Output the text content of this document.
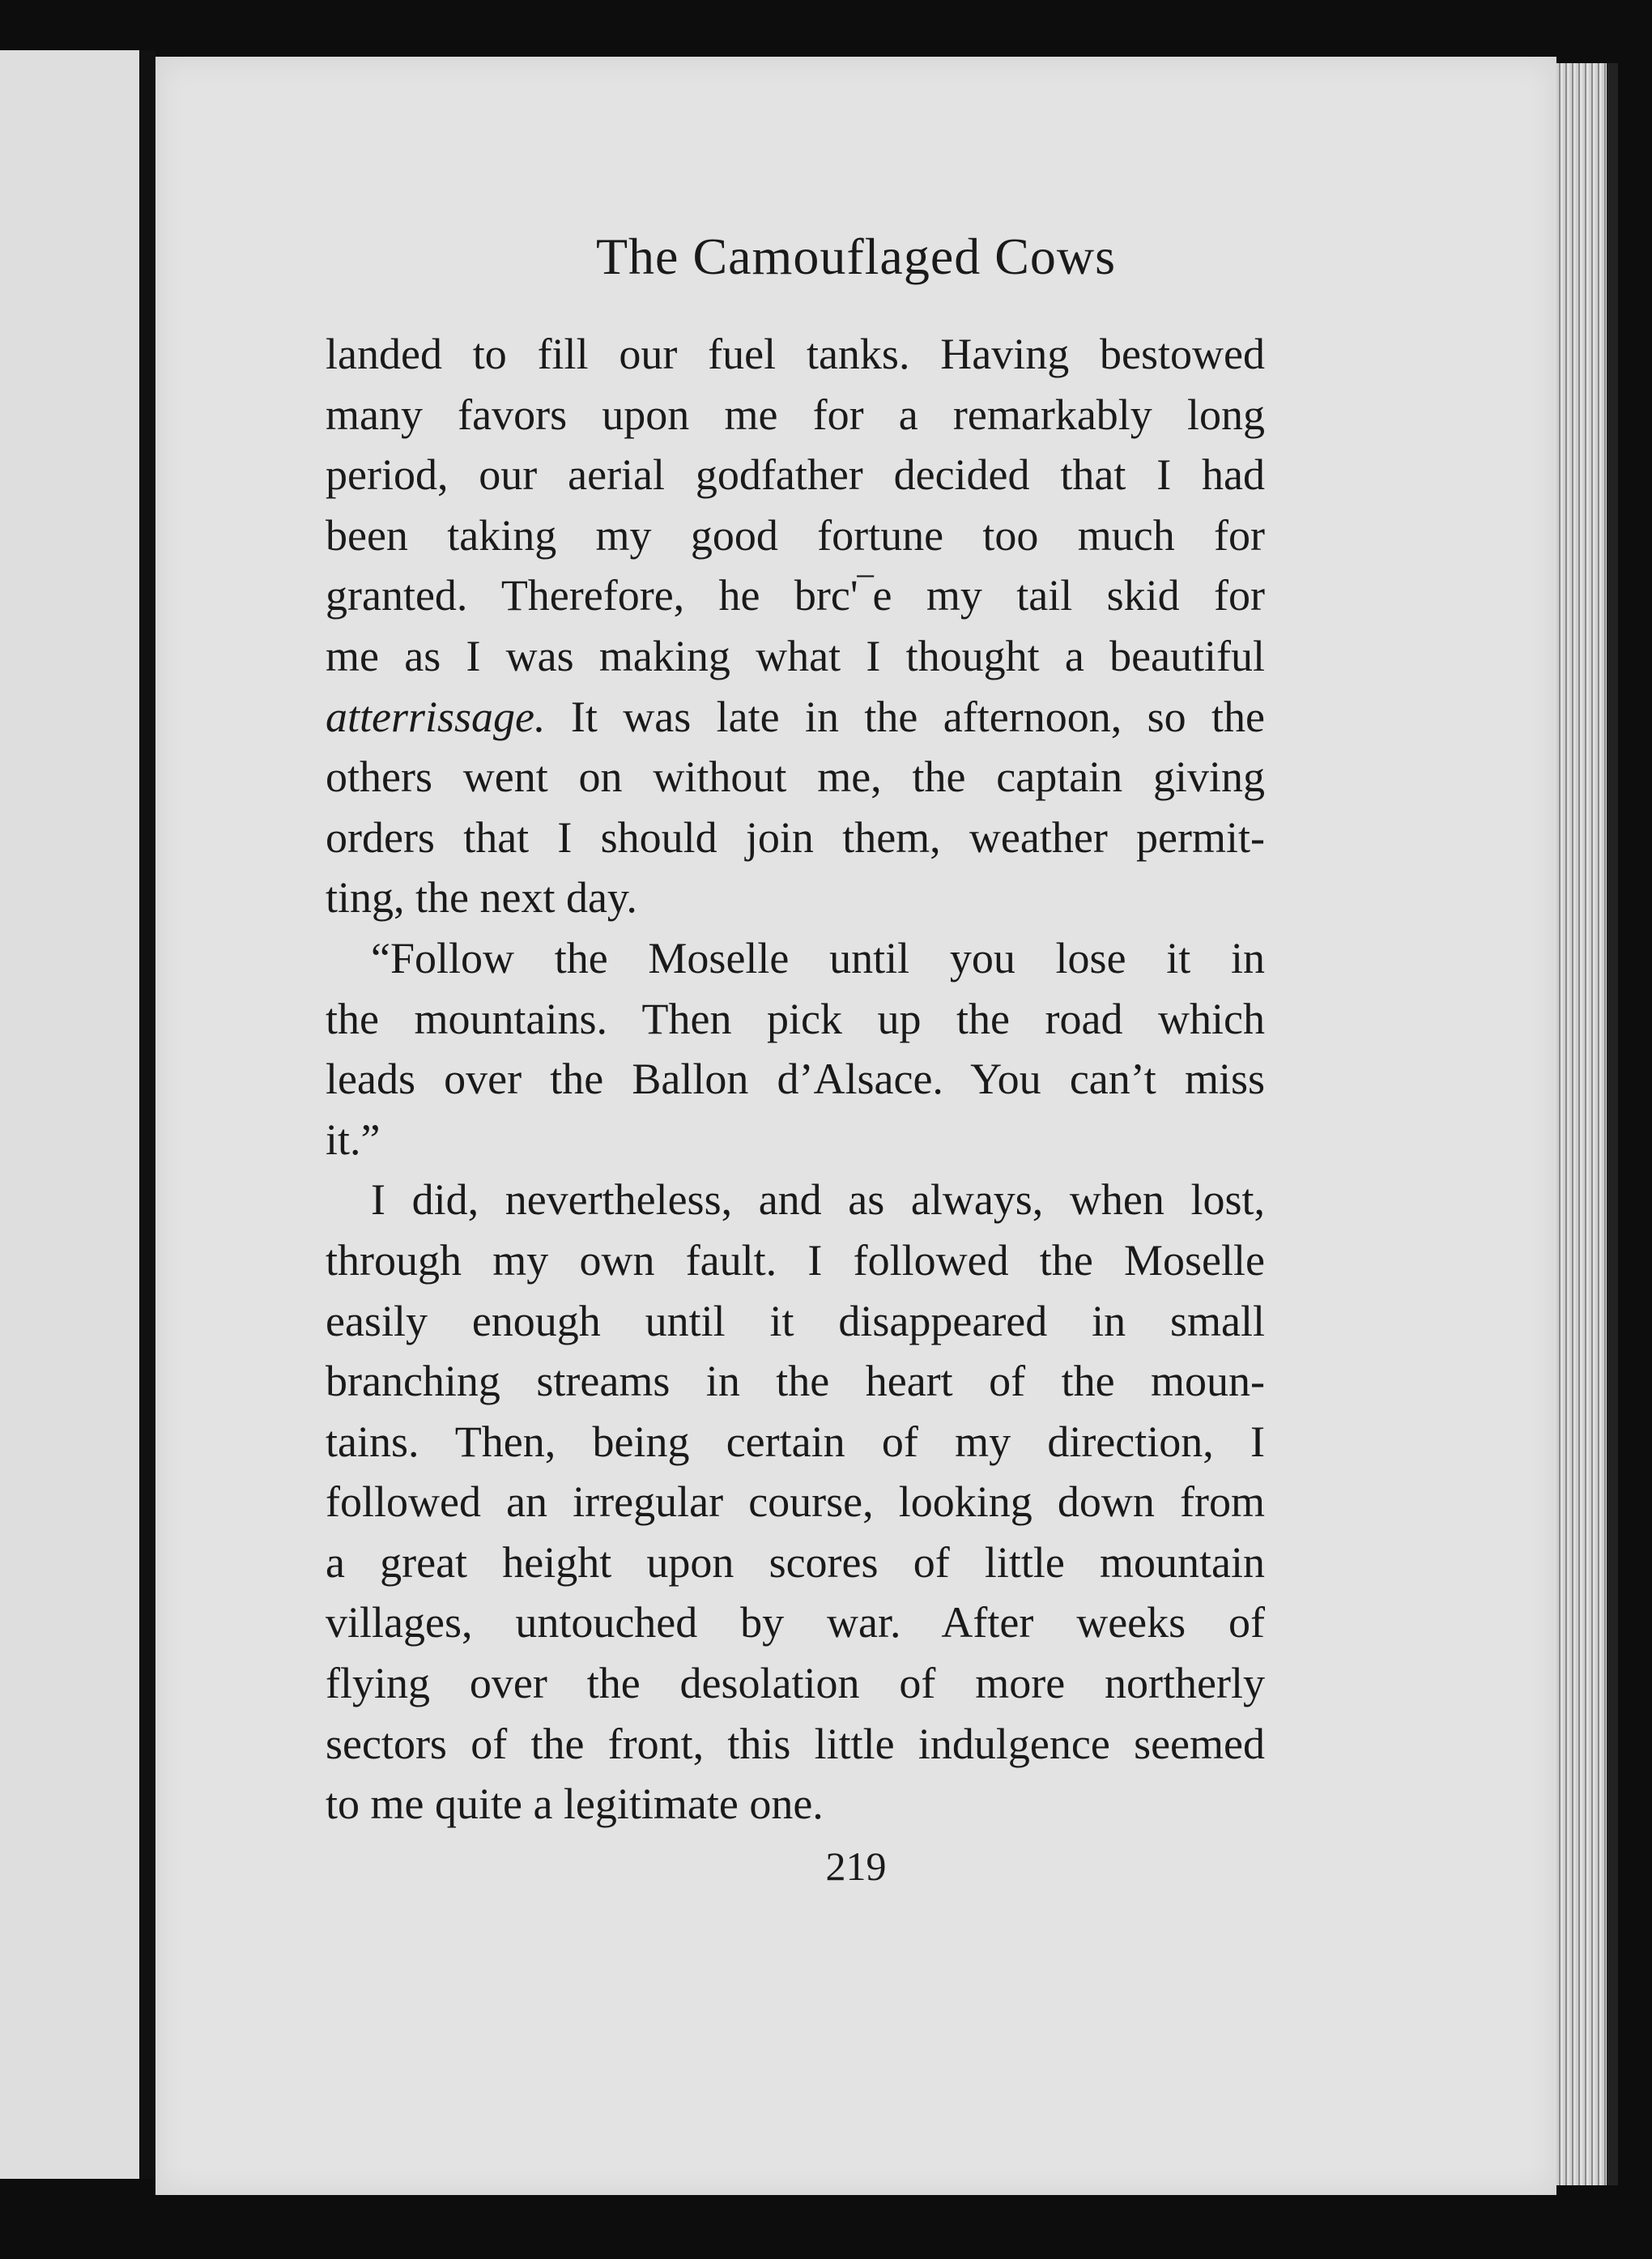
The Camouflaged Cows
landed to fill our fuel tanks. Having bestowed
many favors upon me for a remarkably long
period, our aerial godfather decided that I had
been taking my good fortune too much for
granted. Therefore, he brc'‾e my tail skid for
me as I was making what I thought a beautiful
atterrissage. It was late in the afternoon, so the
others went on without me, the captain giving
orders that I should join them, weather permit-
ting, the next day.
“Follow the Moselle until you lose it in
the mountains. Then pick up the road which
leads over the Ballon d’Alsace. You can’t miss
it.”
I did, nevertheless, and as always, when lost,
through my own fault. I followed the Moselle
easily enough until it disappeared in small
branching streams in the heart of the moun-
tains. Then, being certain of my direction, I
followed an irregular course, looking down from
a great height upon scores of little mountain
villages, untouched by war. After weeks of
flying over the desolation of more northerly
sectors of the front, this little indulgence seemed
to me quite a legitimate one.
219
